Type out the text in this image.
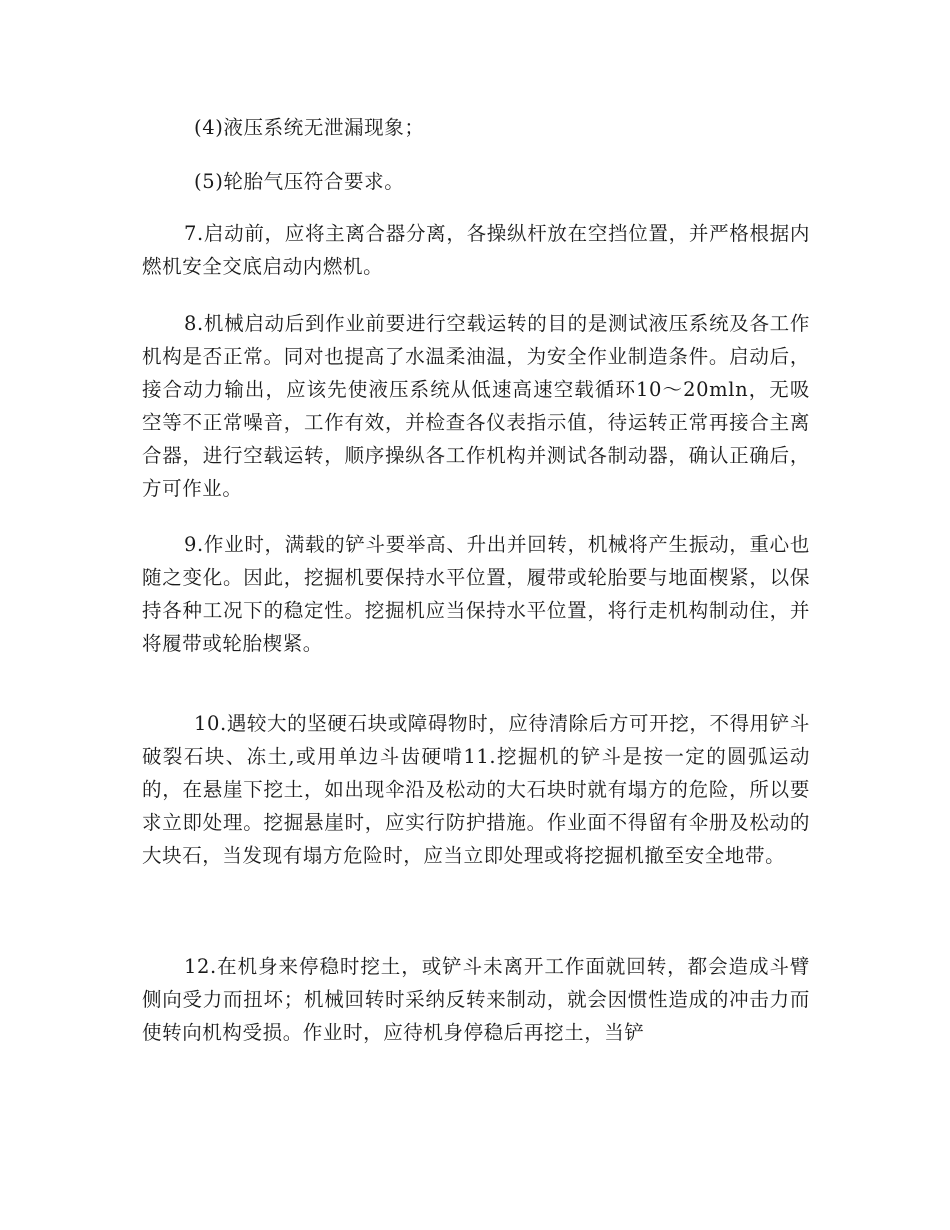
(4)液压系统无泄漏现象；

(5)轮胎气压符合要求。

7.启动前，应将主离合器分离，各操纵杆放在空挡位置，并严格根据内燃机安全交底启动内燃机。

8.机械启动后到作业前要进行空载运转的目的是测试液压系统及各工作机构是否正常。同对也提高了水温柔油温，为安全作业制造条件。启动后，接合动力输出，应该先使液压系统从低速高速空载循环10～20mln，无吸空等不正常噪音，工作有效，并检查各仪表指示值，待运转正常再接合主离合器，进行空载运转，顺序操纵各工作机构并测试各制动器，确认正确后，方可作业。

9.作业时，满载的铲斗要举高、升出并回转，机械将产生振动，重心也随之变化。因此，挖掘机要保持水平位置，履带或轮胎要与地面楔紧，以保持各种工况下的稳定性。挖掘机应当保持水平位置，将行走机构制动住，并将履带或轮胎楔紧。

10.遇较大的坚硬石块或障碍物时，应待清除后方可开挖，不得用铲斗破裂石块、冻土,或用单边斗齿硬啃11.挖掘机的铲斗是按一定的圆弧运动的，在悬崖下挖土，如出现伞沿及松动的大石块时就有塌方的危险，所以要求立即处理。挖掘悬崖时，应实行防护措施。作业面不得留有伞册及松动的大块石，当发现有塌方危险时，应当立即处理或将挖掘机撤至安全地带。

12.在机身来停稳时挖土，或铲斗未离开工作面就回转，都会造成斗臂侧向受力而扭坏；机械回转时采纳反转来制动，就会因惯性造成的冲击力而使转向机构受损。作业时，应待机身停稳后再挖土，当铲
